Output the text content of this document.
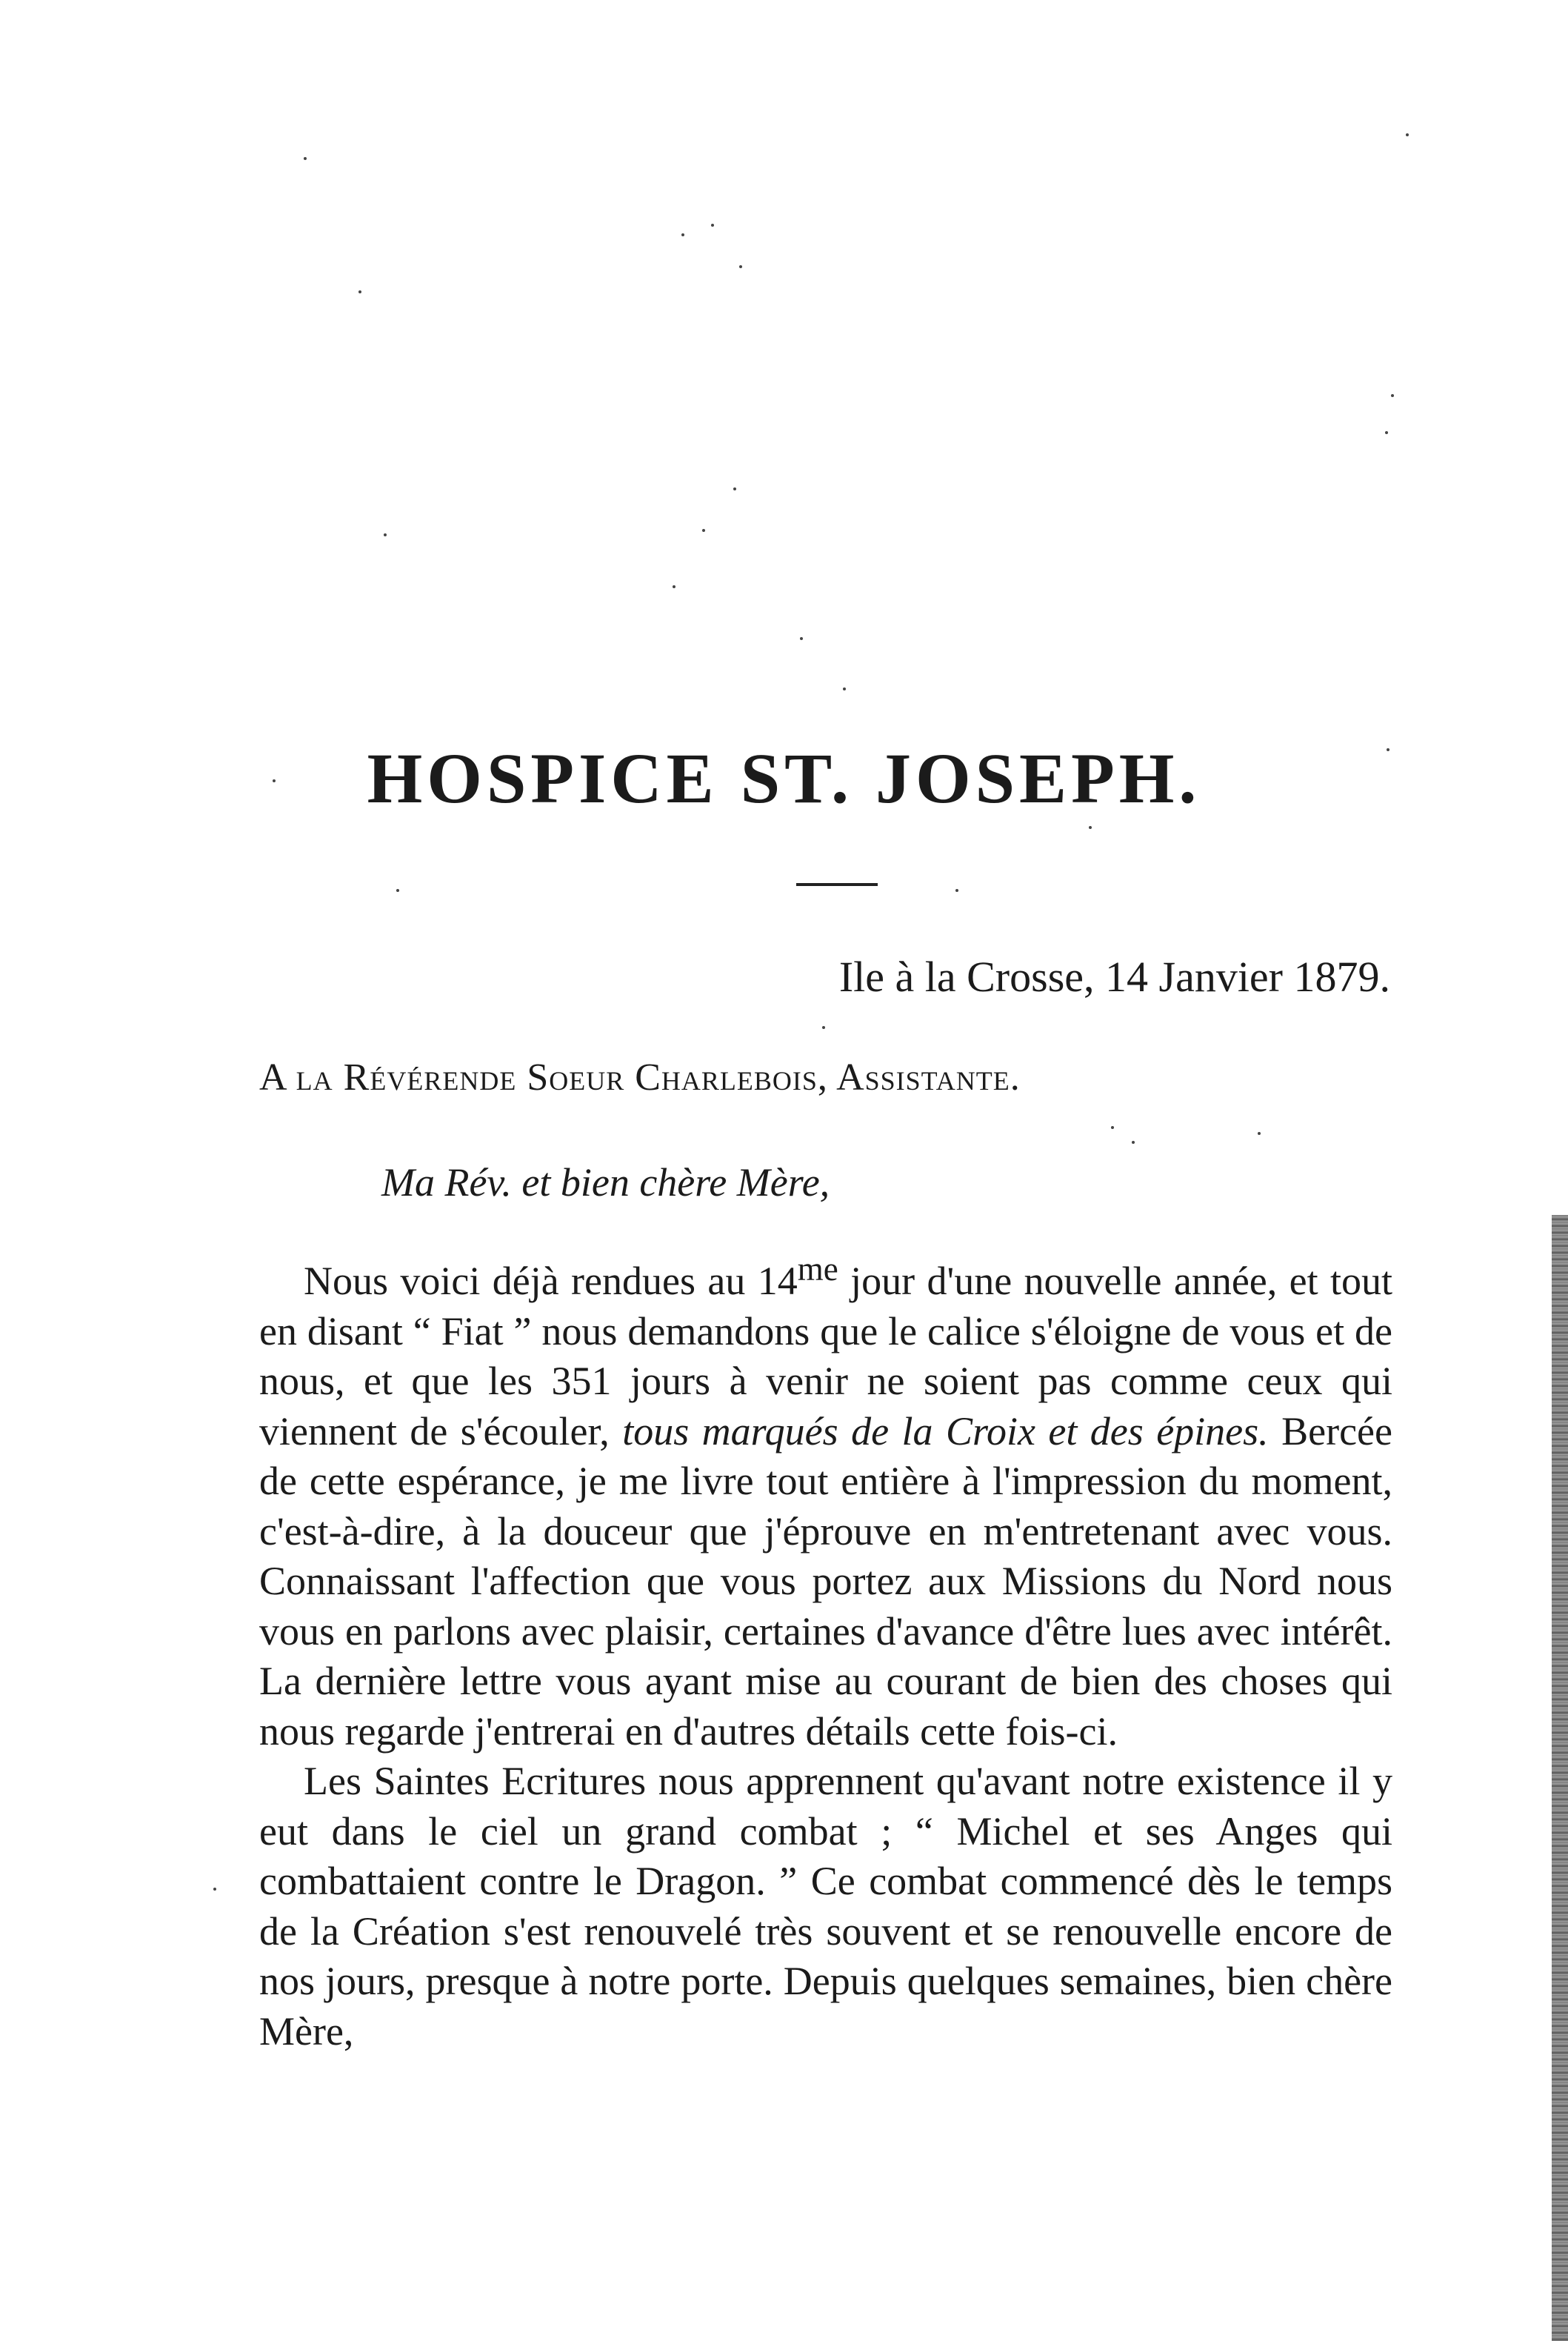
HOSPICE ST. JOSEPH.

Ile à la Crosse, 14 Janvier 1879.

A la Révérende Soeur Charlebois, Assistante.

Ma Rév. et bien chère Mère,

Nous voici déjà rendues au $14^{me}$ jour d'une nouvelle année, et tout en disant “ Fiat ” nous demandons que le calice s'éloigne de vous et de nous, et que les 351 jours à venir ne soient pas comme ceux qui viennent de s'écouler, tous marqués de la Croix et des épines. Bercée de cette espérance, je me livre tout entière à l'impression du moment, c'est-à-dire, à la douceur que j'éprouve en m'entretenant avec vous. Connaissant l'affection que vous portez aux Missions du Nord nous vous en parlons avec plaisir, certaines d'avance d'être lues avec intérêt. La dernière lettre vous ayant mise au courant de bien des choses qui nous regarde j'entrerai en d'autres détails cette fois-ci.

Les Saintes Ecritures nous apprennent qu'avant notre existence il y eut dans le ciel un grand combat ; “ Michel et ses Anges qui combattaient contre le Dragon. ” Ce combat commencé dès le temps de la Création s'est renouvelé très souvent et se renouvelle encore de nos jours, presque à notre porte. Depuis quelques semaines, bien chère Mère,
